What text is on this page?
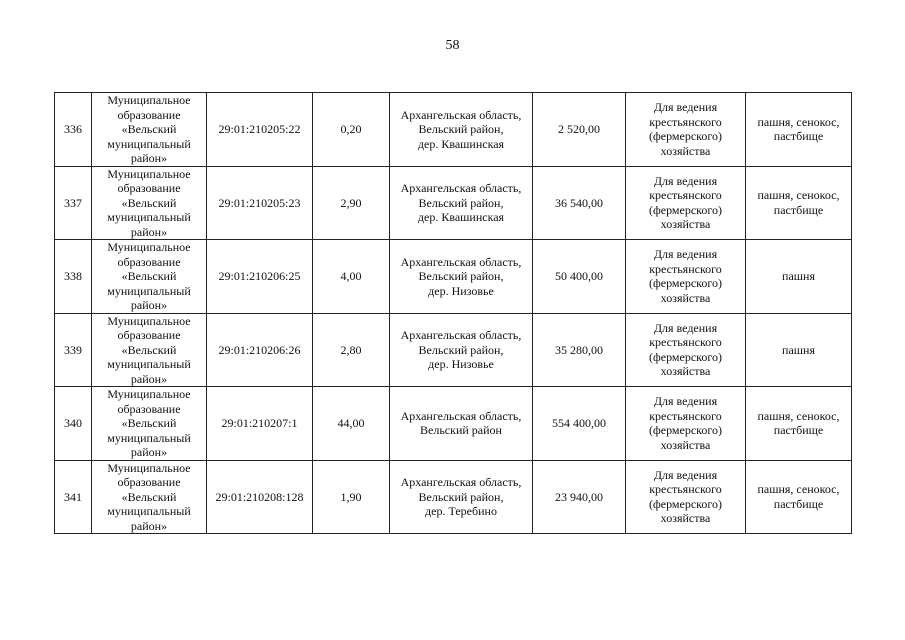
58
336	Муниципальное
образование
«Вельский
муниципальный
район»	29:01:210205:22	0,20	Архангельская область,
Вельский район,
дер. Квашинская	2 520,00	Для ведения
крестьянского
(фермерского)
хозяйства	пашня, сенокос,
пастбище

337	Муниципальное
образование
«Вельский
муниципальный
район»	29:01:210205:23	2,90	Архангельская область,
Вельский район,
дер. Квашинская	36 540,00	Для ведения
крестьянского
(фермерского)
хозяйства	пашня, сенокос,
пастбище

338	Муниципальное
образование
«Вельский
муниципальный
район»	29:01:210206:25	4,00	Архангельская область,
Вельский район,
дер. Низовье	50 400,00	Для ведения
крестьянского
(фермерского)
хозяйства	пашня

339	Муниципальное
образование
«Вельский
муниципальный
район»	29:01:210206:26	2,80	Архангельская область,
Вельский район,
дер. Низовье	35 280,00	Для ведения
крестьянского
(фермерского)
хозяйства	пашня

340	Муниципальное
образование
«Вельский
муниципальный
район»	29:01:210207:1	44,00	Архангельская область,
Вельский район	554 400,00	Для ведения
крестьянского
(фермерского)
хозяйства	пашня, сенокос,
пастбище

341	Муниципальное
образование
«Вельский
муниципальный
район»	29:01:210208:128	1,90	Архангельская область,
Вельский район,
дер. Теребино	23 940,00	Для ведения
крестьянского
(фермерского)
хозяйства	пашня, сенокос,
пастбище
